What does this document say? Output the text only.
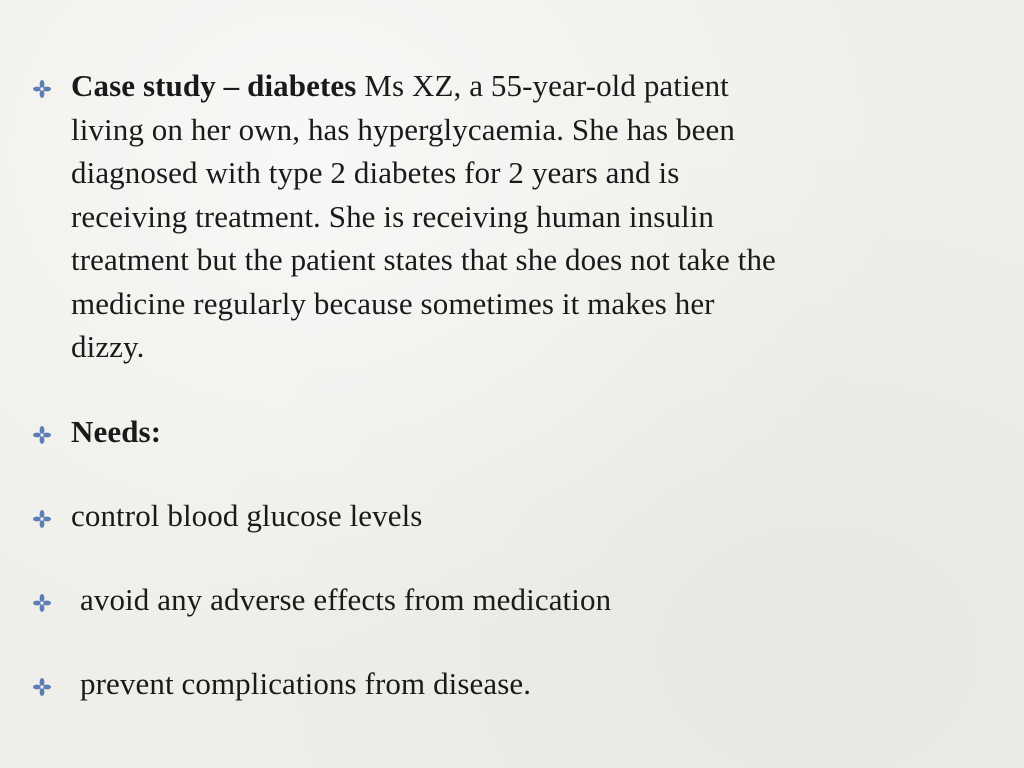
Case study – diabetes Ms XZ, a 55-year-old patient
living on her own, has hyperglycaemia. She has been
diagnosed with type 2 diabetes for 2 years and is
receiving treatment. She is receiving human insulin
treatment but the patient states that she does not take the
medicine regularly because sometimes it makes her
dizzy.
Needs:
control blood glucose levels
avoid any adverse effects from medication
prevent complications from disease.
